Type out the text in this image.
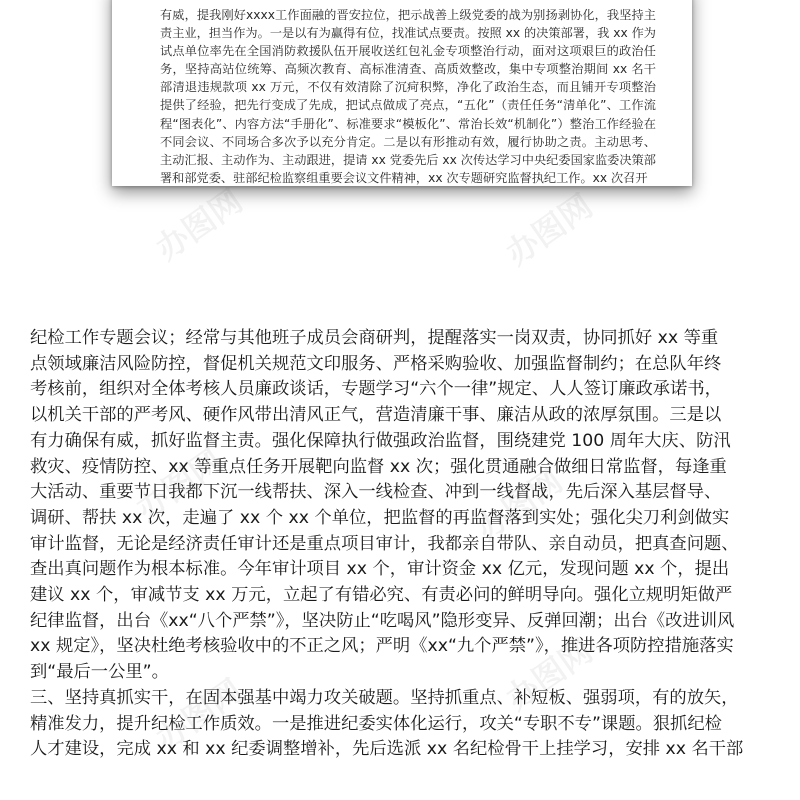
有威，提我刚好xxxx工作面融的晋安拉位，把示战善上级党委的战为别扬剥协化，我坚持主责主业，担当作为。一是以有为赢得有位，找准试点要责。按照 xx 的决策部署，我 xx 作为试点单位率先在全国消防救援队伍开展收送红包礼金专项整治行动，面对这项艰巨的政治任务，坚持高站位统筹、高频次教育、高标准清查、高质效整改，集中专项整治期间 xx 名干部清退违规款项 xx 万元，不仅有效清除了沉疴积弊，净化了政治生态，而且铺开专项整治提供了经验，把先行变成了先成，把试点做成了亮点，“五化”（责任任务“清单化”、工作流程“图表化”、内容方法“手册化”、标准要求“模板化”、常治长效“机制化”）整治工作经验在不同会议、不同场合多次予以充分肯定。二是以有形推动有效，履行协助之责。主动思考、主动汇报、主动作为、主动跟进，提请 xx 党委先后 xx 次传达学习中央纪委国家监委决策部署和部党委、驻部纪检监察组重要会议文件精神，xx 次专题研究监督执纪工作。xx 次召开

办图网	办图网
办图网	办图网
纪检工作专题会议；经常与其他班子成员会商研判，提醒落实一岗双责，协同抓好 xx 等重
点领域廉洁风险防控，督促机关规范文印服务、严格采购验收、加强监督制约；在总队年终
考核前，组织对全体考核人员廉政谈话，专题学习“六个一律”规定、人人签订廉政承诺书，
以机关干部的严考风、硬作风带出清风正气，营造清廉干事、廉洁从政的浓厚氛围。三是以
有力确保有威，抓好监督主责。强化保障执行做强政治监督，围绕建党 100 周年大庆、防汛
救灾、疫情防控、xx 等重点任务开展靶向监督 xx 次；强化贯通融合做细日常监督，每逢重
大活动、重要节日我都下沉一线帮扶、深入一线检查、冲到一线督战，先后深入基层督导、
调研、帮扶 xx 次，走遍了 xx 个 xx 个单位，把监督的再监督落到实处；强化尖刀利剑做实
审计监督，无论是经济责任审计还是重点项目审计，我都亲自带队、亲自动员，把真查问题、
查出真问题作为根本标准。今年审计项目 xx 个，审计资金 xx 亿元，发现问题 xx 个，提出
建议 xx 个，审减节支 xx 万元，立起了有错必究、有责必问的鲜明导向。强化立规明矩做严
纪律监督，出台《xx“八个严禁”》，坚决防止“吃喝风”隐形变异、反弹回潮；出台《改进训风
xx 规定》，坚决杜绝考核验收中的不正之风；严明《xx“九个严禁”》，推进各项防控措施落实
到“最后一公里”。
三、坚持真抓实干，在固本强基中竭力攻关破题。坚持抓重点、补短板、强弱项，有的放矢，
精准发力，提升纪检工作质效。一是推进纪委实体化运行，攻关“专职不专”课题。狠抓纪检
人才建设，完成 xx 和 xx 纪委调整增补，先后选派 xx 名纪检骨干上挂学习，安排 xx 名干部
